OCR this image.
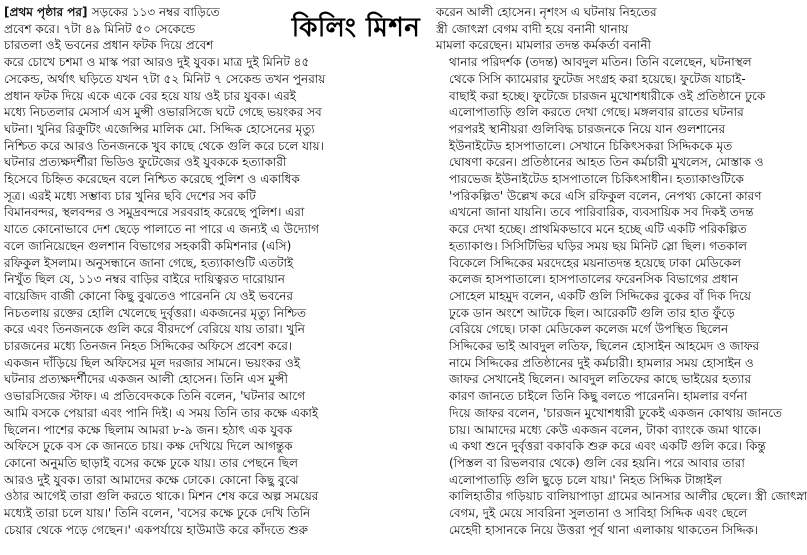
কিলিং মিশন
[প্রথম পৃষ্ঠার পর] সড়কের ১১৩ নম্বর বাড়িতে
প্রবেশ করে। ৭টা ৪৯ মিনিট ৫০ সেকেন্ডে
চারতলা ওই ভবনের প্রধান ফটক দিয়ে প্রবেশ
করে চোখে চশমা ও মাস্ক পরা আরও দুই যুবক। মাত্র দুই মিনিট ৪৫
সেকেন্ড, অর্থাৎ ঘড়িতে যখন ৭টা ৫২ মিনিট ৭ সেকেন্ড তখন পুনরায়
প্রধান ফটক দিয়ে একে একে বের হয়ে যায় ওই চার যুবক। এরই
মধ্যে নিচতলার মেসার্স এস মুন্সী ওভারসিজে ঘটে গেছে ভয়ংকর সব
ঘটনা। খুনির রিক্রুটিং এজেন্সির মালিক মো. সিদ্দিক হোসেনের মৃত্যু
নিশ্চিত করে আরও তিনজনকে খুব কাছে থেকে গুলি করে চলে যায়।
ঘটনার প্রত্যক্ষদর্শীরা ভিডিও ফুটেজের ওই যুবককে হত্যাকারী
হিসেবে চিহ্নিত করেছেন বলে নিশ্চিত করেছে পুলিশ ও একাধিক
সূত্র। এরই মধ্যে সম্ভাব্য চার খুনির ছবি দেশের সব কটি
বিমানবন্দর, স্থলবন্দর ও সমুদ্রবন্দরে সরবরাহ করেছে পুলিশ। এরা
যাতে কোনোভাবে দেশ ছেড়ে পালাতে না পারে এ জন্যই এ উদ্যোগ
বলে জানিয়েছেন গুলশান বিভাগের সহকারী কমিশনার (এসি)
রফিকুল ইসলাম। অনুসন্ধানে জানা গেছে, হত্যাকাণ্ডটি এতটাই
নিখুঁত ছিল যে, ১১৩ নম্বর বাড়ির বাইরে দায়িত্বরত দারোয়ান
বায়েজিদ বাজী কোনো কিছু বুঝতেও পারেননি যে ওই ভবনের
নিচতলায় রক্তের হোলি খেলেছে দুর্বৃত্তরা। একজনের মৃত্যু নিশ্চিত
করে এবং তিনজনকে গুলি করে বীরদর্পে বেরিয়ে যায় তারা। খুনি
চারজনের মধ্যে তিনজন নিহত সিদ্দিকের অফিসে প্রবেশ করে।
একজন দাঁড়িয়ে ছিল অফিসের মূল দরজার সামনে। ভয়ংকর ওই
ঘটনার প্রত্যক্ষদর্শীদের একজন আলী হোসেন। তিনি এস মুন্সী
ওভারসিজের স্টাফ। এ প্রতিবেদককে তিনি বলেন, 'ঘটনার আগে
আমি বসকে পেয়ারা এবং পানি দিই। এ সময় তিনি তার কক্ষে একাই
ছিলেন। পাশের কক্ষে ছিলাম আমরা ৮-৯ জন। হঠাৎ এক যুবক
অফিসে ঢুকে বস কে জানতে চায়। কক্ষ দেখিয়ে দিলে আগন্তুক
কোনো অনুমতি ছাড়াই বসের কক্ষে ঢুকে যায়। তার পেছনে ছিল
আরও দুই যুবক। তারা আমাদের কক্ষে ঢোকে। কোনো কিছু বুঝে
ওঠার আগেই তারা গুলি করতে থাকে। মিশন শেষ করে অল্প সময়ের
মধ্যেই তারা চলে যায়।' তিনি বলেন, 'বসের কক্ষে ঢুকে দেখি তিনি
চেয়ার থেকে পড়ে গেছেন।' একপর্যায়ে হাউমাউ করে কাঁদতে শুরু
করেন আলী হোসেন। নৃশংস এ ঘটনায় নিহতের
স্ত্রী জোৎস্না বেগম বাদী হয়ে বনানী থানায়
মামলা করেছেন। মামলার তদন্ত কর্মকর্তা বনানী
থানার পরিদর্শক (তদন্ত) আবদুল মতিন। তিনি বলেছেন, ঘটনাস্থল
থেকে সিসি ক্যামেরার ফুটেজ সংগ্রহ করা হয়েছে। ফুটেজ যাচাই-
বাছাই করা হচ্ছে। ফুটেজে চারজন মুখোশধারীকে ওই প্রতিষ্ঠানে ঢুকে
এলোপাতাড়ি গুলি করতে দেখা গেছে। মঙ্গলবার রাতের ঘটনার
পরপরই স্থানীয়রা গুলিবিদ্ধ চারজনকে নিয়ে যান গুলশানের
ইউনাইটেড হাসপাতালে। সেখানে চিকিৎসকরা সিদ্দিককে মৃত
ঘোষণা করেন। প্রতিষ্ঠানের আহত তিন কর্মচারী মুখলেস, মোস্তাক ও
পারভেজ ইউনাইটেড হাসপাতালে চিকিৎসাধীন। হত্যাকাণ্ডটিকে
'পরিকল্পিত' উল্লেখ করে এসি রফিকুল বলেন, নেপথ্য কোনো কারণ
এখনো জানা যায়নি। তবে পারিবারিক, ব্যবসায়িক সব দিকই তদন্ত
করে দেখা হচ্ছে। প্রাথমিকভাবে মনে হচ্ছে এটি একটি পরিকল্পিত
হত্যাকাণ্ড। সিসিটিভির ঘড়ির সময় ছয় মিনিট স্লো ছিল। গতকাল
বিকেলে সিদ্দিকের মরদেহের ময়নাতদন্ত হয়েছে ঢাকা মেডিকেল
কলেজ হাসপাতালে। হাসপাতালের ফরেনসিক বিভাগের প্রধান
সোহেল মাহমুদ বলেন, একটি গুলি সিদ্দিকের বুকের বাঁ দিক দিয়ে
ঢুকে ডান অংশে আটকে ছিল। আরেকটি গুলি তার হাত ফুঁড়ে
বেরিয়ে গেছে। ঢাকা মেডিকেল কলেজ মর্গে উপস্থিত ছিলেন
সিদ্দিকের ভাই আবদুল লতিফ, ছিলেন হোসাইন আহমেদ ও জাফর
নামে সিদ্দিকের প্রতিষ্ঠানের দুই কর্মচারী। হামলার সময় হোসাইন ও
জাফর সেখানেই ছিলেন। আবদুল লতিফের কাছে ভাইয়ের হত্যার
কারণ জানতে চাইলে তিনি কিছু বলতে পারেননি। হামলার বর্ণনা
দিয়ে জাফর বলেন, 'চারজন মুখোশধারী ঢুকেই একজন কোথায় জানতে
চায়। আমাদের মধ্যে কেউ একজন বলেন, টাকা ব্যাংকে জমা থাকে।
এ কথা শুনে দুর্বৃত্তরা বকাবকি শুরু করে এবং একটি গুলি করে। কিন্তু
(পিস্তল বা রিভলবার থেকে) গুলি বের হয়নি। পরে আবার তারা
এলোপাতাড়ি গুলি ছুড়ে চলে যায়।' নিহত সিদ্দিক টাঙ্গাইল
কালিহাতীর গড়িয়াচ বালিয়াপাড়া গ্রামের আনসার আলীর ছেলে। স্ত্রী জোৎস্না
বেগম, দুই মেয়ে সাবরিনা সুলতানা ও সাবিহা সিদ্দিক এবং ছেলে
মেহেদী হাসানকে নিয়ে উত্তরা পূর্ব থানা এলাকায় থাকতেন সিদ্দিক।
